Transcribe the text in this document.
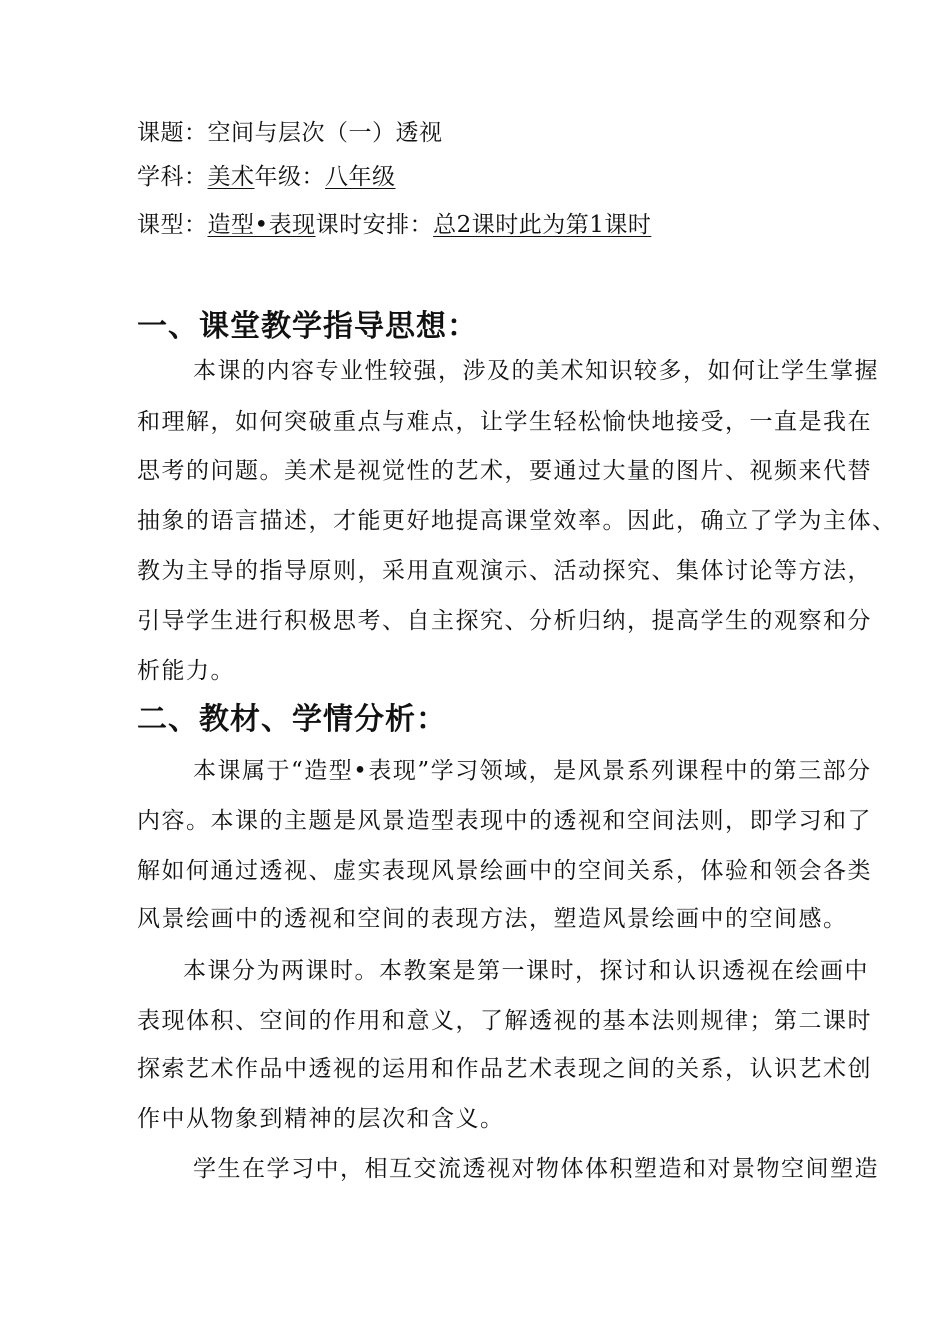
课题：空间与层次（一）透视
学科：美术年级：八年级
课型：造型•表现课时安排：总2课时此为第1课时
一、课堂教学指导思想：
本课的内容专业性较强，涉及的美术知识较多，如何让学生掌握
和理解，如何突破重点与难点，让学生轻松愉快地接受，一直是我在
思考的问题。美术是视觉性的艺术，要通过大量的图片、视频来代替
抽象的语言描述，才能更好地提高课堂效率。因此，确立了学为主体、
教为主导的指导原则，采用直观演示、活动探究、集体讨论等方法，
引导学生进行积极思考、自主探究、分析归纳，提高学生的观察和分
析能力。
二、教材、学情分析：
本课属于“造型•表现”学习领域，是风景系列课程中的第三部分
内容。本课的主题是风景造型表现中的透视和空间法则，即学习和了
解如何通过透视、虚实表现风景绘画中的空间关系，体验和领会各类
风景绘画中的透视和空间的表现方法，塑造风景绘画中的空间感。
本课分为两课时。本教案是第一课时，探讨和认识透视在绘画中
表现体积、空间的作用和意义，了解透视的基本法则规律；第二课时
探索艺术作品中透视的运用和作品艺术表现之间的关系，认识艺术创
作中从物象到精神的层次和含义。
学生在学习中，相互交流透视对物体体积塑造和对景物空间塑造
